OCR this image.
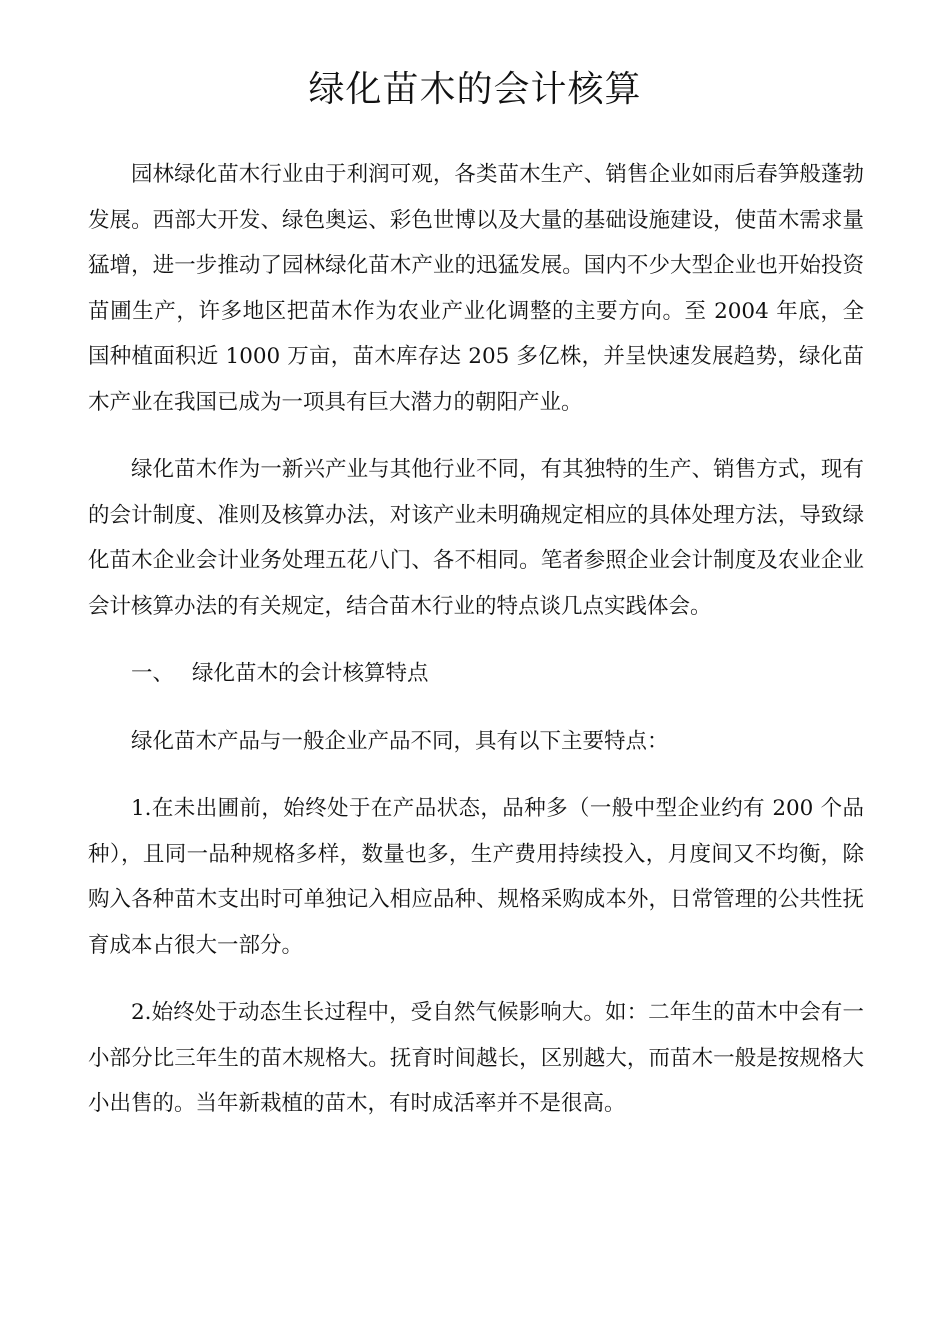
绿化苗木的会计核算

园林绿化苗木行业由于利润可观，各类苗木生产、销售企业如雨后春笋般蓬勃发展。西部大开发、绿色奥运、彩色世博以及大量的基础设施建设，使苗木需求量猛增，进一步推动了园林绿化苗木产业的迅猛发展。国内不少大型企业也开始投资苗圃生产，许多地区把苗木作为农业产业化调整的主要方向。至 2004 年底，全国种植面积近 1000 万亩，苗木库存达 205 多亿株，并呈快速发展趋势，绿化苗木产业在我国已成为一项具有巨大潜力的朝阳产业。

绿化苗木作为一新兴产业与其他行业不同，有其独特的生产、销售方式，现有的会计制度、准则及核算办法，对该产业未明确规定相应的具体处理方法，导致绿化苗木企业会计业务处理五花八门、各不相同。笔者参照企业会计制度及农业企业会计核算办法的有关规定，结合苗木行业的特点谈几点实践体会。

一、 绿化苗木的会计核算特点

绿化苗木产品与一般企业产品不同，具有以下主要特点：

1.在未出圃前，始终处于在产品状态，品种多（一般中型企业约有 200 个品种），且同一品种规格多样，数量也多，生产费用持续投入，月度间又不均衡，除购入各种苗木支出时可单独记入相应品种、规格采购成本外，日常管理的公共性抚育成本占很大一部分。

2.始终处于动态生长过程中，受自然气候影响大。如：二年生的苗木中会有一小部分比三年生的苗木规格大。抚育时间越长，区别越大，而苗木一般是按规格大小出售的。当年新栽植的苗木，有时成活率并不是很高。
